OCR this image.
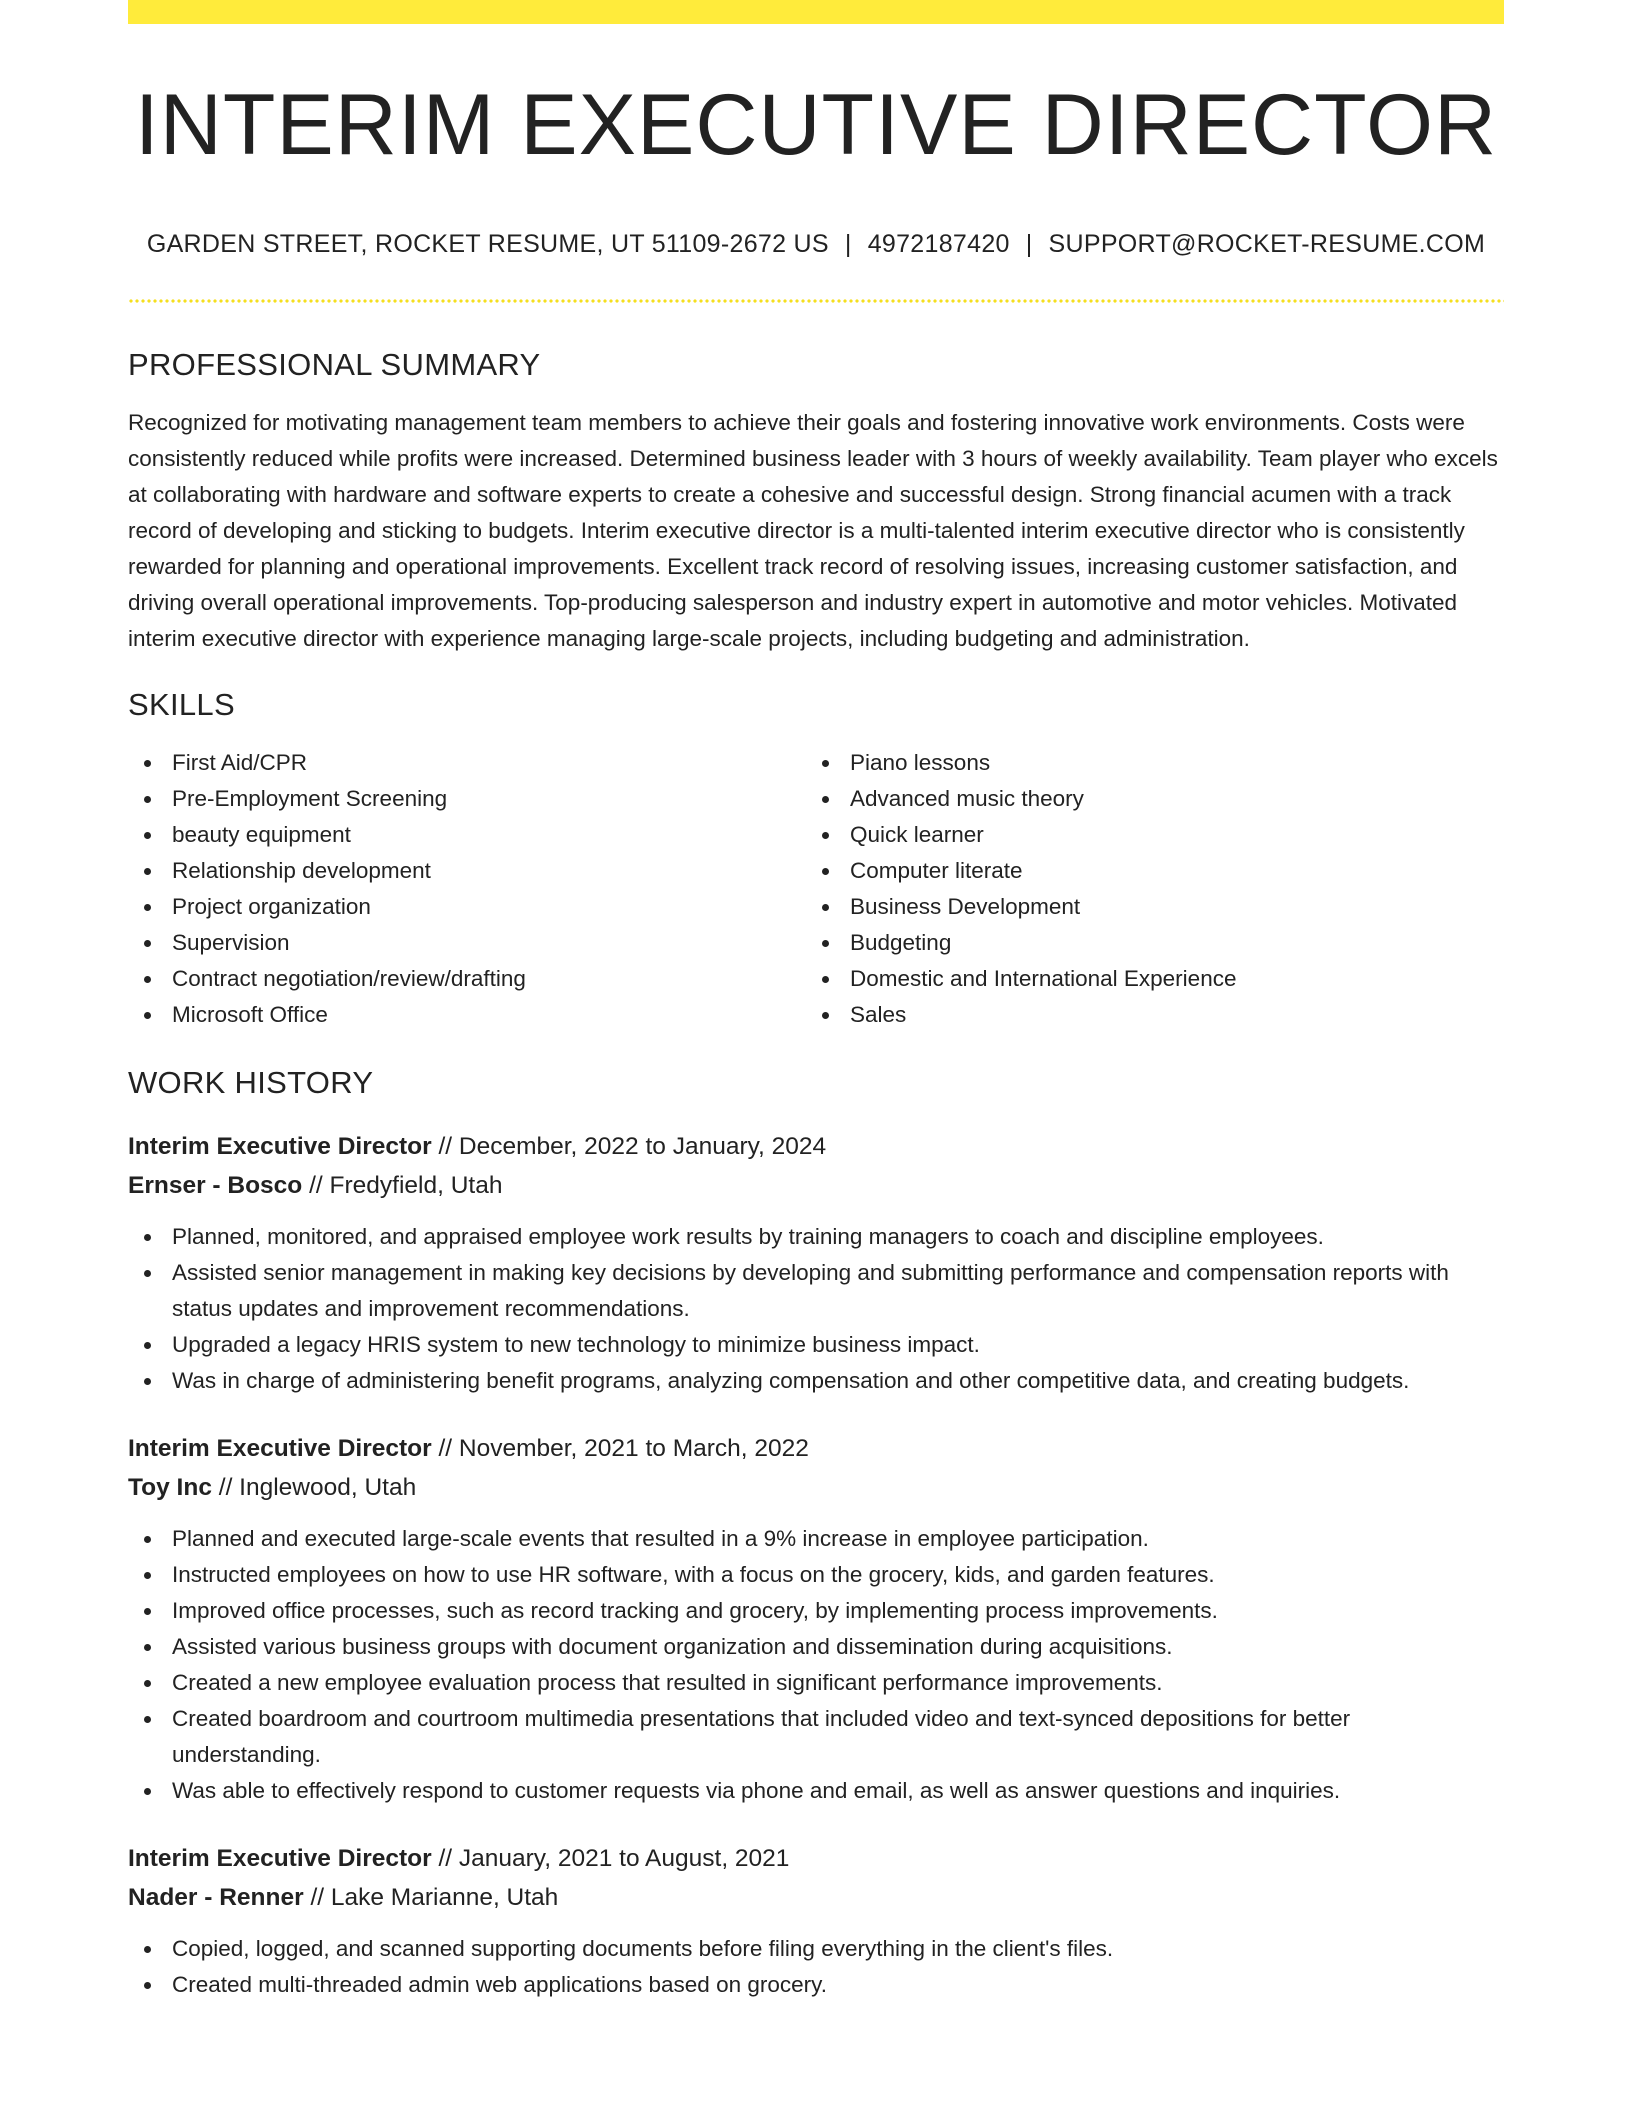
INTERIM EXECUTIVE DIRECTOR
GARDEN STREET, ROCKET RESUME, UT 51109-2672 US | 4972187420 | SUPPORT@ROCKET-RESUME.COM
PROFESSIONAL SUMMARY

Recognized for motivating management team members to achieve their goals and fostering innovative work environments. Costs were consistently reduced while profits were increased. Determined business leader with 3 hours of weekly availability. Team player who excels at collaborating with hardware and software experts to create a cohesive and successful design. Strong financial acumen with a track record of developing and sticking to budgets. Interim executive director is a multi-talented interim executive director who is consistently rewarded for planning and operational improvements. Excellent track record of resolving issues, increasing customer satisfaction, and driving overall operational improvements. Top-producing salesperson and industry expert in automotive and motor vehicles. Motivated interim executive director with experience managing large-scale projects, including budgeting and administration.

SKILLS
First Aid/CPR
Pre-Employment Screening
beauty equipment
Relationship development
Project organization
Supervision
Contract negotiation/review/drafting
Microsoft Office
Piano lessons
Advanced music theory
Quick learner
Computer literate
Business Development
Budgeting
Domestic and International Experience
Sales
WORK HISTORY
Interim Executive Director // December, 2022 to January, 2024
Ernser - Bosco // Fredyfield, Utah
Planned, monitored, and appraised employee work results by training managers to coach and discipline employees.
Assisted senior management in making key decisions by developing and submitting performance and compensation reports with status updates and improvement recommendations.
Upgraded a legacy HRIS system to new technology to minimize business impact.
Was in charge of administering benefit programs, analyzing compensation and other competitive data, and creating budgets.
Interim Executive Director // November, 2021 to March, 2022
Toy Inc // Inglewood, Utah
Planned and executed large-scale events that resulted in a 9% increase in employee participation.
Instructed employees on how to use HR software, with a focus on the grocery, kids, and garden features.
Improved office processes, such as record tracking and grocery, by implementing process improvements.
Assisted various business groups with document organization and dissemination during acquisitions.
Created a new employee evaluation process that resulted in significant performance improvements.
Created boardroom and courtroom multimedia presentations that included video and text-synced depositions for better understanding.
Was able to effectively respond to customer requests via phone and email, as well as answer questions and inquiries.
Interim Executive Director // January, 2021 to August, 2021
Nader - Renner // Lake Marianne, Utah
Copied, logged, and scanned supporting documents before filing everything in the client's files.
Created multi-threaded admin web applications based on grocery.
